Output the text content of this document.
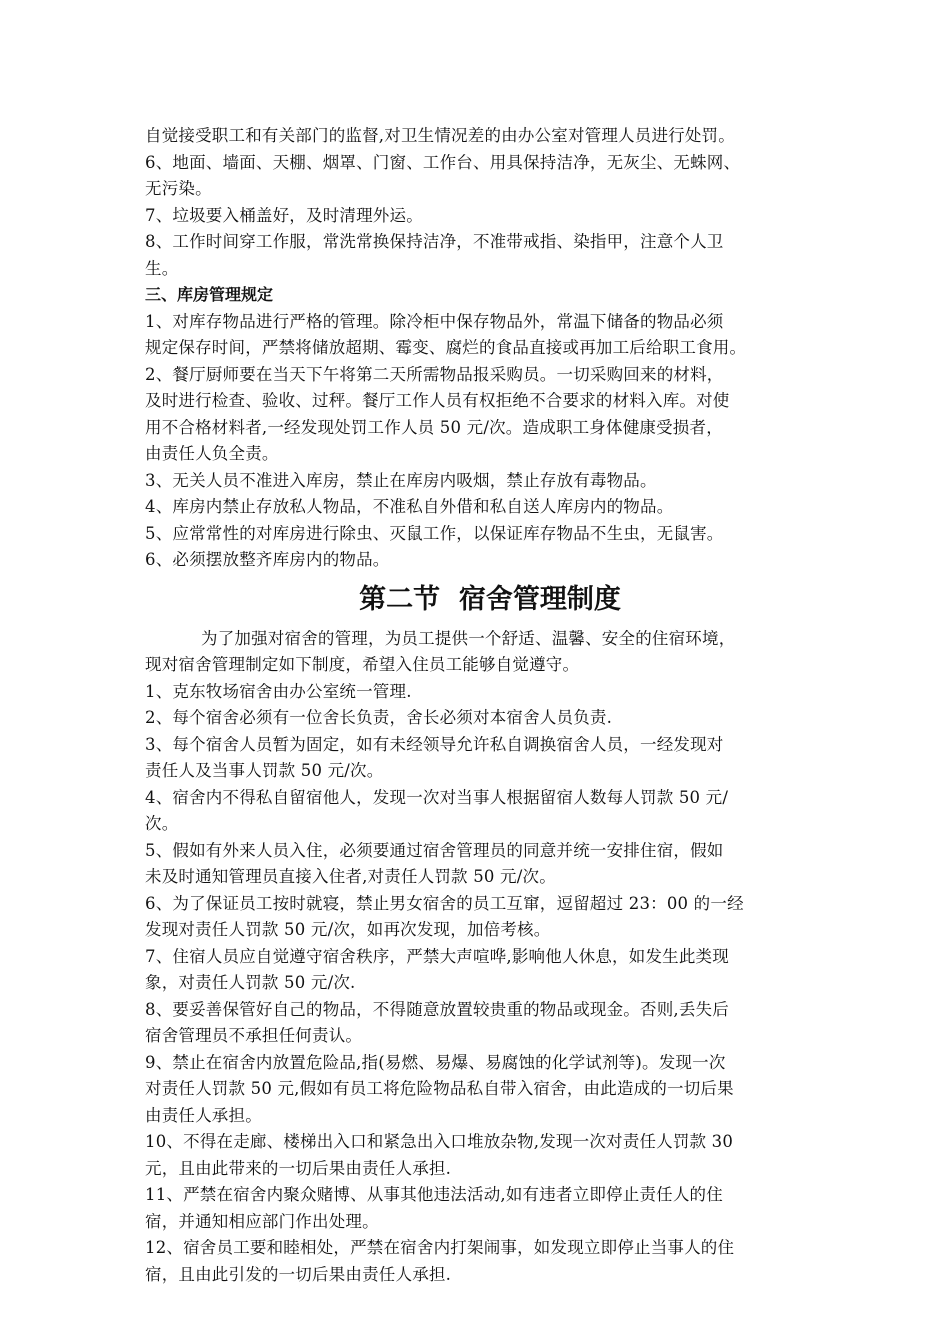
自觉接受职工和有关部门的监督,对卫生情况差的由办公室对管理人员进行处罚。
6、地面、墙面、天棚、烟罩、门窗、工作台、用具保持洁净，无灰尘、无蛛网、
无污染。
7、垃圾要入桶盖好，及时清理外运。
8、工作时间穿工作服，常洗常换保持洁净，不准带戒指、染指甲，注意个人卫
生。
三、库房管理规定
1、对库存物品进行严格的管理。除冷柜中保存物品外，常温下储备的物品必须
规定保存时间，严禁将储放超期、霉变、腐烂的食品直接或再加工后给职工食用。
2、餐厅厨师要在当天下午将第二天所需物品报采购员。一切采购回来的材料，
及时进行检查、验收、过秤。餐厅工作人员有权拒绝不合要求的材料入库。对使
用不合格材料者,一经发现处罚工作人员 50 元/次。造成职工身体健康受损者，
由责任人负全责。
3、无关人员不准进入库房，禁止在库房内吸烟，禁止存放有毒物品。
4、库房内禁止存放私人物品，不准私自外借和私自送人库房内的物品。
5、应常常性的对库房进行除虫、灭鼠工作，以保证库存物品不生虫，无鼠害。
6、必须摆放整齐库房内的物品。
第二节  宿舍管理制度
为了加强对宿舍的管理，为员工提供一个舒适、温馨、安全的住宿环境，
现对宿舍管理制定如下制度，希望入住员工能够自觉遵守。
1、克东牧场宿舍由办公室统一管理.
2、每个宿舍必须有一位舍长负责，舍长必须对本宿舍人员负责.
3、每个宿舍人员暂为固定，如有未经领导允许私自调换宿舍人员，一经发现对
责任人及当事人罚款 50 元/次。
4、宿舍内不得私自留宿他人，发现一次对当事人根据留宿人数每人罚款 50 元/
次。
5、假如有外来人员入住，必须要通过宿舍管理员的同意并统一安排住宿，假如
未及时通知管理员直接入住者,对责任人罚款 50 元/次。
6、为了保证员工按时就寝，禁止男女宿舍的员工互窜，逗留超过 23：00 的一经
发现对责任人罚款 50 元/次，如再次发现，加倍考核。
7、住宿人员应自觉遵守宿舍秩序，严禁大声喧哗,影响他人休息，如发生此类现
象，对责任人罚款 50 元/次.
8、要妥善保管好自己的物品，不得随意放置较贵重的物品或现金。否则,丢失后
宿舍管理员不承担任何责认。
9、禁止在宿舍内放置危险品,指(易燃、易爆、易腐蚀的化学试剂等)。发现一次
对责任人罚款 50 元,假如有员工将危险物品私自带入宿舍，由此造成的一切后果
由责任人承担。
10、不得在走廊、楼梯出入口和紧急出入口堆放杂物,发现一次对责任人罚款 30
元，且由此带来的一切后果由责任人承担.
11、严禁在宿舍内聚众赌博、从事其他违法活动,如有违者立即停止责任人的住
宿，并通知相应部门作出处理。
12、宿舍员工要和睦相处，严禁在宿舍内打架闹事，如发现立即停止当事人的住
宿，且由此引发的一切后果由责任人承担.
